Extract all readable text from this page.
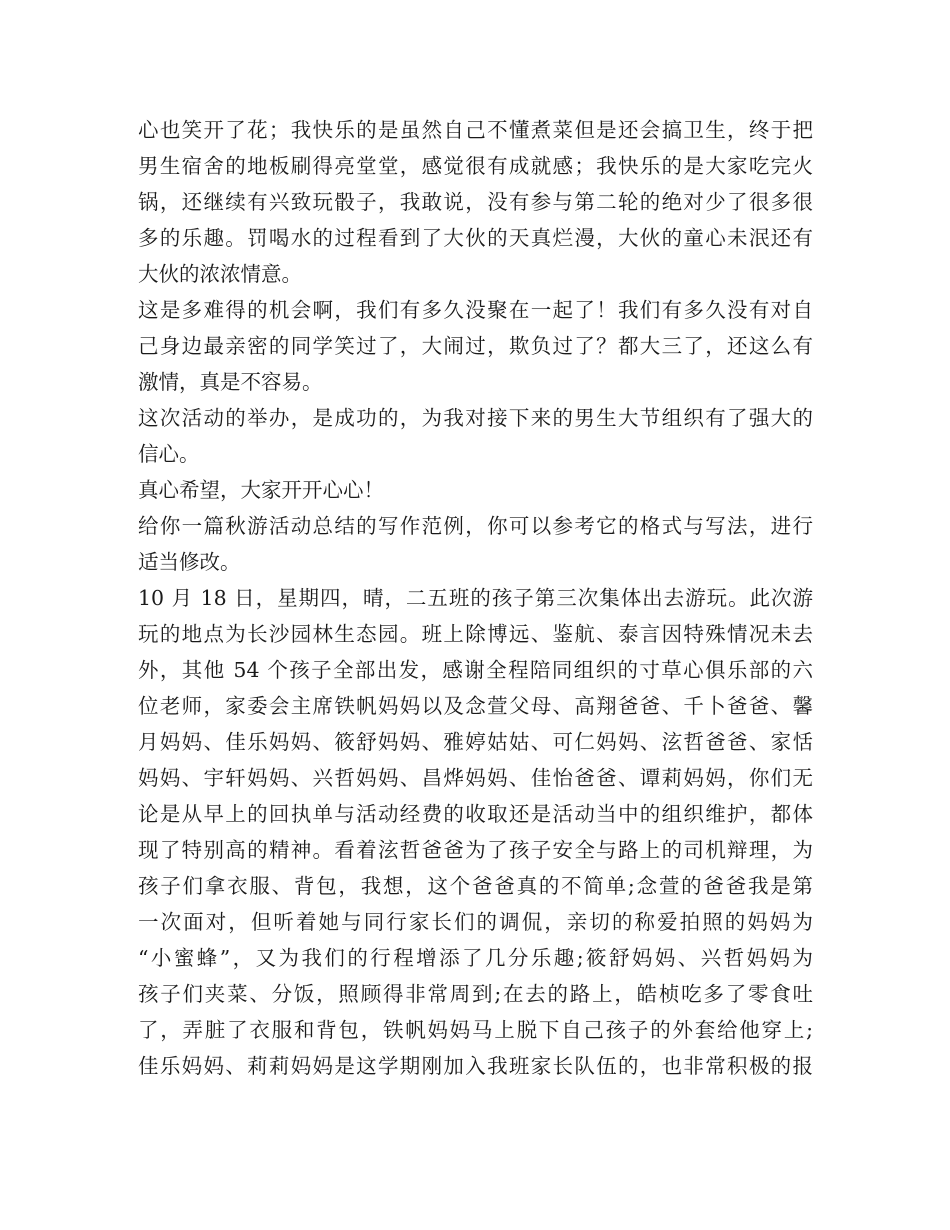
心也笑开了花；我快乐的是虽然自己不懂煮菜但是还会搞卫生，终于把
男生宿舍的地板刷得亮堂堂，感觉很有成就感；我快乐的是大家吃完火
锅，还继续有兴致玩骰子，我敢说，没有参与第二轮的绝对少了很多很
多的乐趣。罚喝水的过程看到了大伙的天真烂漫，大伙的童心未泯还有
大伙的浓浓情意。
这是多难得的机会啊，我们有多久没聚在一起了！我们有多久没有对自
己身边最亲密的同学笑过了，大闹过，欺负过了？都大三了，还这么有
激情，真是不容易。
这次活动的举办，是成功的，为我对接下来的男生大节组织有了强大的
信心。
真心希望，大家开开心心！
给你一篇秋游活动总结的写作范例，你可以参考它的格式与写法，进行
适当修改。
10 月 18 日，星期四，晴，二五班的孩子第三次集体出去游玩。此次游
玩的地点为长沙园林生态园。班上除博远、鉴航、泰言因特殊情况未去
外，其他 54 个孩子全部出发，感谢全程陪同组织的寸草心俱乐部的六
位老师，家委会主席铁帆妈妈以及念萱父母、高翔爸爸、千卜爸爸、馨
月妈妈、佳乐妈妈、筱舒妈妈、雅婷姑姑、可仁妈妈、泫哲爸爸、家恬
妈妈、宇轩妈妈、兴哲妈妈、昌烨妈妈、佳怡爸爸、谭莉妈妈，你们无
论是从早上的回执单与活动经费的收取还是活动当中的组织维护，都体
现了特别高的精神。看着泫哲爸爸为了孩子安全与路上的司机辩理，为
孩子们拿衣服、背包，我想，这个爸爸真的不简单;念萱的爸爸我是第
一次面对，但听着她与同行家长们的调侃，亲切的称爱拍照的妈妈为
“小蜜蜂”，又为我们的行程增添了几分乐趣;筱舒妈妈、兴哲妈妈为
孩子们夹菜、分饭，照顾得非常周到;在去的路上，皓桢吃多了零食吐
了，弄脏了衣服和背包，铁帆妈妈马上脱下自己孩子的外套给他穿上;
佳乐妈妈、莉莉妈妈是这学期刚加入我班家长队伍的，也非常积极的报
